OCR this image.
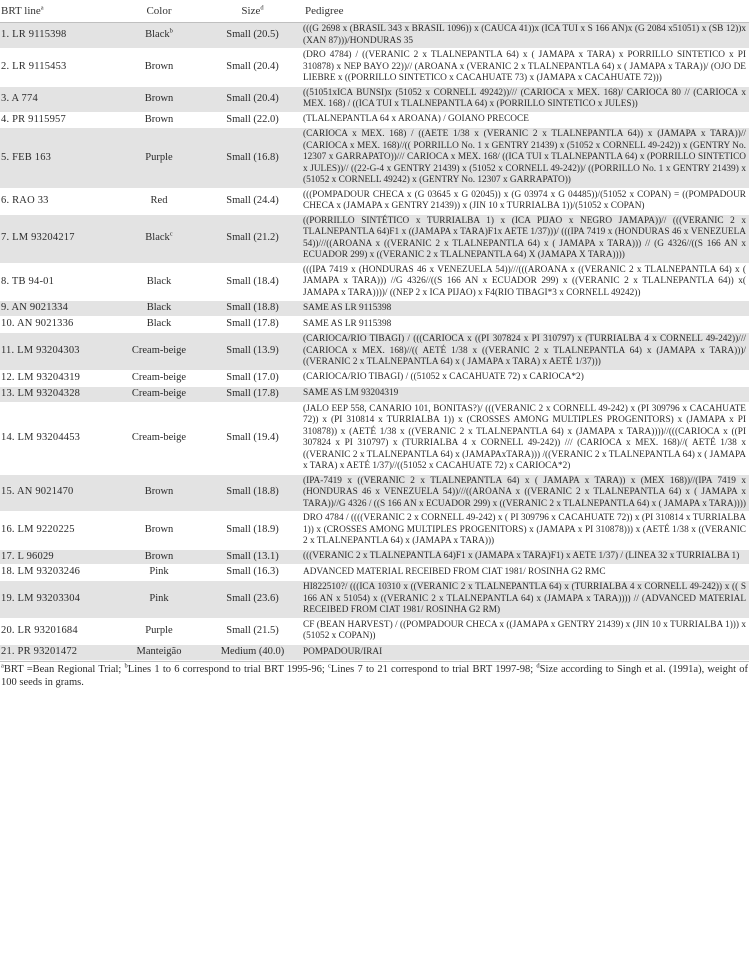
BRT line$^a$	Color	Size$^d$	Pedigree
1. LR 9115398	Black$^b$	Small (20.5)	(((G 2698 x (BRASIL 343 x BRASIL 1096)) x (CAUCA 41))x (ICA TUI x S 166 AN)x (G 2084 x51051) x (SB 12))x (XAN 87)))/HONDURAS 35
2. LR 9115453	Brown	Small (20.4)	(DRO 4784) / ((VERANIC 2 x TLALNEPANTLA 64) x ( JAMAPA x TARA) x PORRILLO SINTETICO x PI 310878) x NEP BAYO 22))// (AROANA x (VERANIC 2 x TLALNEPANTLA 64) x ( JAMAPA x TARA))/ (OJO DE LIEBRE x ((PORRILLO SINTETICO x CACAHUATE 73) x (JAMAPA x CACAHUATE 72)))
3. A 774	Brown	Small (20.4)	((51051xICA BUNSI)x (51052 x CORNELL 49242))/// (CARIOCA x MEX. 168)/ CARIOCA 80 // (CARIOCA x MEX. 168) / ((ICA TUI x TLALNEPANTLA 64) x (PORRILLO SINTETICO x JULES))
4. PR 9115957	Brown	Small (22.0)	(TLALNEPANTLA 64 x AROANA) / GOIANO PRECOCE
5. FEB 163	Purple	Small (16.8)	(CARIOCA x MEX. 168) / ((AETE 1/38 x (VERANIC 2 x TLALNEPANTLA 64)) x (JAMAPA x TARA))// (CARIOCA x MEX. 168)//(( PORRILLO No. 1 x GENTRY 21439) x (51052 x CORNELL 49-242)) x (GENTRY No. 12307 x GARRAPATO))/// CARIOCA x MEX. 168/ ((ICA TUI x TLALNEPANTLA 64) x (PORRILLO SINTETICO x JULES))// ((22-G-4 x GENTRY 21439) x (51052 x CORNELL 49-242))/ ((PORRILLO No. 1 x GENTRY 21439) x (51052 x CORNELL 49242) x (GENTRY No. 12307 x GARRAPATO))
6. RAO 33	Red	Small (24.4)	(((POMPADOUR CHECA x (G 03645 x G 02045)) x (G 03974 x G 04485))/(51052 x COPAN) = ((POMPADOUR CHECA x (JAMAPA x GENTRY 21439)) x (JIN 10 x TURRIALBA 1))/(51052 x COPAN)
7. LM 93204217	Black$^c$	Small (21.2)	((PORRILLO SINTÉTICO x TURRIALBA 1) x (ICA PIJAO x NEGRO JAMAPA))// (((VERANIC 2 x TLALNEPANTLA 64)F1 x ((JAMAPA x TARA)F1x AETE 1/37)))/ (((IPA 7419 x (HONDURAS 46 x VENEZUELA 54))///((AROANA x ((VERANIC 2 x TLALNEPANTLA 64) x ( JAMAPA x TARA))) // (G 4326//((S 166 AN x ECUADOR 299) x ((VERANIC 2 x TLALNEPANTLA 64) X (JAMAPA X TARA))))
8. TB 94-01	Black	Small (18.4)	(((IPA 7419 x (HONDURAS 46 x VENEZUELA 54))///(((AROANA x ((VERANIC 2 x TLALNEPANTLA 64) x ( JAMAPA x TARA))) //G 4326//((S 166 AN x ECUADOR 299) x ((VERANIC 2 x TLALNEPANTLA 64)) x( JAMAPA x TARA))))/ ((NEP 2 x ICA PIJAO) x F4(RIO TIBAGI*3 x CORNELL 49242))
9. AN 9021334	Black	Small (18.8)	SAME AS LR 9115398
10. AN 9021336	Black	Small (17.8)	SAME AS LR 9115398
11. LM 93204303	Cream-beige	Small (13.9)	(CARIOCA/RIO TIBAGI) / (((CARIOCA x ((PI 307824 x PI 310797) x (TURRIALBA 4 x CORNELL 49-242))/// (CARIOCA x MEX. 168)//(( AETÉ 1/38 x ((VERANIC 2 x TLALNEPANTLA 64) x (JAMAPA x TARA)))/ ((VERANIC 2 x TLALNEPANTLA 64) x ( JAMAPA x TARA) x AETÉ 1/37)))
12. LM 93204319	Cream-beige	Small (17.0)	(CARIOCA/RIO TIBAGI) / ((51052 x CACAHUATE 72) x CARIOCA*2)
13. LM 93204328	Cream-beige	Small (17.8)	SAME AS LM 93204319
14. LM 93204453	Cream-beige	Small (19.4)	(JALO EEP 558, CANARIO 101, BONITAS?)/ (((VERANIC 2 x CORNELL 49-242) x (PI 309796 x CACAHUATE 72)) x (PI 310814 x TURRIALBA 1)) x (CROSSES AMONG MULTIPLES PROGENITORS) x (JAMAPA x PI 310878)) x (AETÉ 1/38 x ((VERANIC 2 x TLALNEPANTLA 64) x (JAMAPA x TARA))))//(((CARIOCA x ((PI 307824 x PI 310797) x (TURRIALBA 4 x CORNELL 49-242)) /// (CARIOCA x MEX. 168)//( AETÉ 1/38 x ((VERANIC 2 x TLALNEPANTLA 64) x (JAMAPAxTARA))) /((VERANIC 2 x TLALNEPANTLA 64) x ( JAMAPA x TARA) x AETÉ 1/37)//((51052 x CACAHUATE 72) x CARIOCA*2)
15. AN 9021470	Brown	Small (18.8)	(IPA-7419 x ((VERANIC 2 x TLALNEPANTLA 64) x ( JAMAPA x TARA)) x (MEX 168))//(IPA 7419 x (HONDURAS 46 x VENEZUELA 54))///((AROANA x ((VERANIC 2 x TLALNEPANTLA 64) x ( JAMAPA x TARA))//G 4326 / ((S 166 AN x ECUADOR 299) x ((VERANIC 2 x TLALNEPANTLA 64) x ( JAMAPA x TARA))))
16. LM 9220225	Brown	Small (18.9)	DRO 4784 / ((((VERANIC 2 x CORNELL 49-242) x ( PI 309796 x CACAHUATE 72)) x (PI 310814 x TURRIALBA 1)) x (CROSSES AMONG MULTIPLES PROGENITORS) x (JAMAPA x PI 310878))) x (AETÉ 1/38 x ((VERANIC 2 x TLALNEPANTLA 64) x (JAMAPA x TARA)))
17. L 96029	Brown	Small (13.1)	(((VERANIC 2 x TLALNEPANTLA 64)F1 x (JAMAPA x TARA)F1) x AETE 1/37) / (LINEA 32 x TURRIALBA 1)
18. LM 93203246	Pink	Small (16.3)	ADVANCED MATERIAL RECEIBED FROM CIAT 1981/ ROSINHA G2 RMC
19. LM 93203304	Pink	Small (23.6)	HI822510?/ (((ICA 10310 x ((VERANIC 2 x TLALNEPANTLA 64) x (TURRIALBA 4 x CORNELL 49-242)) x (( S 166 AN x 51054) x ((VERANIC 2 x TLALNEPANTLA 64) x (JAMAPA x TARA)))) // (ADVANCED MATERIAL RECEIBED FROM CIAT 1981/ ROSINHA G2 RM)
20. LR 93201684	Purple	Small (21.5)	CF (BEAN HARVEST) / ((POMPADOUR CHECA x ((JAMAPA x GENTRY 21439) x (JIN 10 x TURRIALBA 1))) x (51052 x COPAN))
21. PR 93201472	Manteigão	Medium (40.0)	POMPADOUR/IRAI
$^a$BRT =Bean Regional Trial; $^b$Lines 1 to 6 correspond to trial BRT 1995-96; $^c$Lines 7 to 21 correspond to trial BRT 1997-98; $^d$Size according to Singh et al. (1991a), weight of 100 seeds in grams.
